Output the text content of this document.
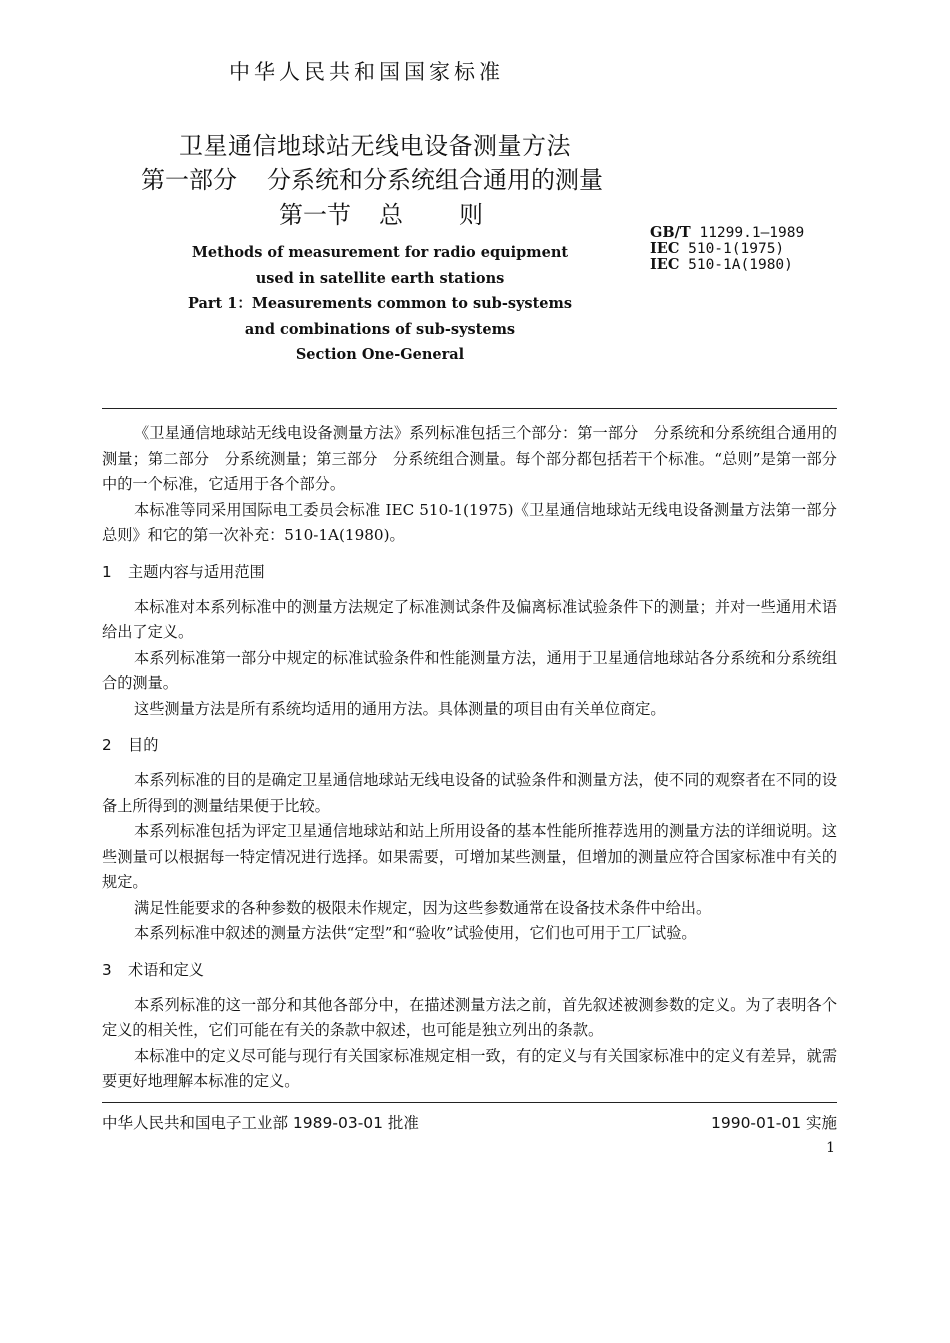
中华人民共和国国家标准
卫星通信地球站无线电设备测量方法
第一部分 分系统和分系统组合通用的测量
第一节 总 则
GB/T 11299.1—1989
IEC 510-1(1975)
IEC 510-1A(1980)
Methods of measurement for radio equipment
used in satellite earth stations
Part 1：Measurements common to sub-systems
and combinations of sub-systems
Section One-General

《卫星通信地球站无线电设备测量方法》系列标准包括三个部分：第一部分　分系统和分系统组合通用的测量；第二部分　分系统测量；第三部分　分系统组合测量。每个部分都包括若干个标准。“总则”是第一部分中的一个标准，它适用于各个部分。

本标准等同采用国际电工委员会标准 IEC 510-1(1975)《卫星通信地球站无线电设备测量方法第一部分　总则》和它的第一次补充：510-1A(1980)。

1 主题内容与适用范围

本标准对本系列标准中的测量方法规定了标准测试条件及偏离标准试验条件下的测量；并对一些通用术语给出了定义。

本系列标准第一部分中规定的标准试验条件和性能测量方法，通用于卫星通信地球站各分系统和分系统组合的测量。

这些测量方法是所有系统均适用的通用方法。具体测量的项目由有关单位商定。

2 目的

本系列标准的目的是确定卫星通信地球站无线电设备的试验条件和测量方法，使不同的观察者在不同的设备上所得到的测量结果便于比较。

本系列标准包括为评定卫星通信地球站和站上所用设备的基本性能所推荐选用的测量方法的详细说明。这些测量可以根据每一特定情况进行选择。如果需要，可增加某些测量，但增加的测量应符合国家标准中有关的规定。

满足性能要求的各种参数的极限未作规定，因为这些参数通常在设备技术条件中给出。

本系列标准中叙述的测量方法供“定型”和“验收”试验使用，它们也可用于工厂试验。

3 术语和定义

本系列标准的这一部分和其他各部分中，在描述测量方法之前，首先叙述被测参数的定义。为了表明各个定义的相关性，它们可能在有关的条款中叙述，也可能是独立列出的条款。

本标准中的定义尽可能与现行有关国家标准规定相一致，有的定义与有关国家标准中的定义有差异，就需要更好地理解本标准的定义。

中华人民共和国电子工业部 1989-03-01 批准	1990-01-01 实施
1
